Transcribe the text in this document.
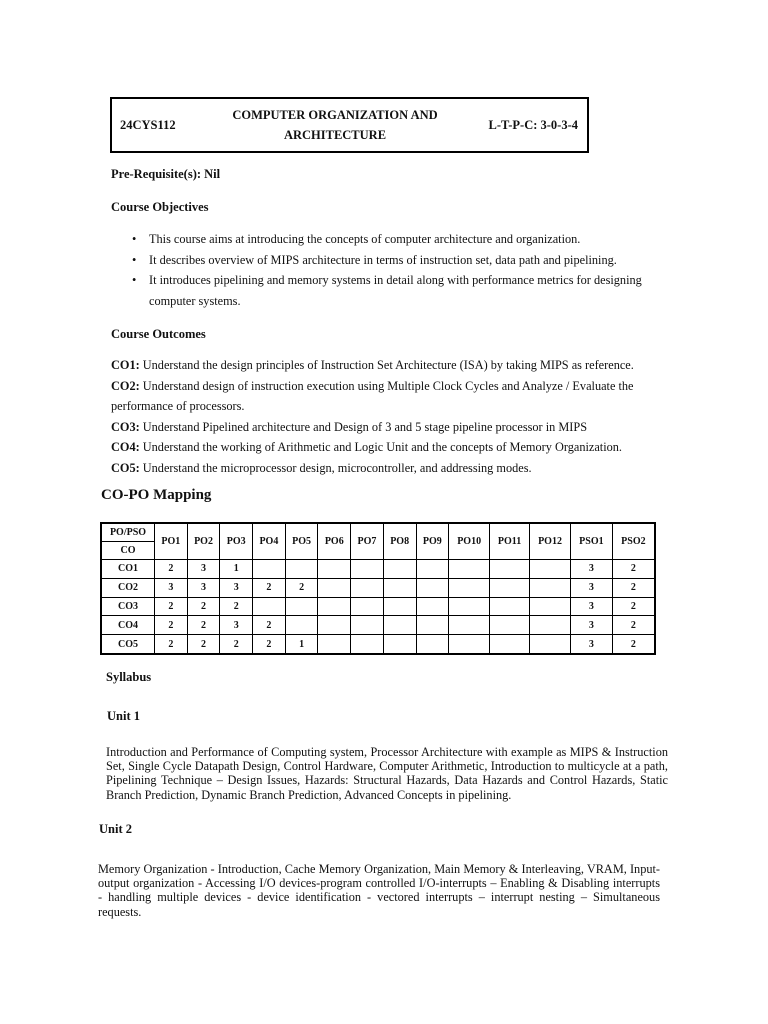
24CYS112
COMPUTER ORGANIZATION AND
ARCHITECTURE
L-T-P-C: 3-0-3-4
Pre-Requisite(s): Nil
Course Objectives
• This course aims at introducing the concepts of computer architecture and organization.
• It describes overview of MIPS architecture in terms of instruction set, data path and pipelining.
• It introduces pipelining and memory systems in detail along with performance metrics for designing computer systems.
Course Outcomes

CO1: Understand the design principles of Instruction Set Architecture (ISA) by taking MIPS as reference.

CO2: Understand design of instruction execution using Multiple Clock Cycles and Analyze / Evaluate the performance of processors.

CO3: Understand Pipelined architecture and Design of 3 and 5 stage pipeline processor in MIPS

CO4: Understand the working of Arithmetic and Logic Unit and the concepts of Memory Organization.

CO5: Understand the microprocessor design, microcontroller, and addressing modes.

CO-PO Mapping
PO/PSO	PO1	PO2	PO3	PO4	PO5	PO6	PO7	PO8	PO9	PO10	PO11	PO12	PSO1	PSO2
CO														
CO1	2	3	1										3	2
CO2	3	3	3	2	2								3	2
CO3	2	2	2										3	2
CO4	2	2	3	2									3	2
CO5	2	2	2	2	1								3	2
Syllabus
Unit 1
Introduction and Performance of Computing system, Processor Architecture with example as MIPS & Instruction Set, Single Cycle Datapath Design, Control Hardware, Computer Arithmetic, Introduction to multicycle at a path, Pipelining Technique – Design Issues, Hazards: Structural Hazards, Data Hazards and Control Hazards, Static Branch Prediction, Dynamic Branch Prediction, Advanced Concepts in pipelining.
Unit 2
Memory Organization - Introduction, Cache Memory Organization, Main Memory & Interleaving, VRAM, Input-output organization - Accessing I/O devices-program controlled I/O-interrupts – Enabling & Disabling interrupts - handling multiple devices - device identification - vectored interrupts – interrupt nesting – Simultaneous requests.
